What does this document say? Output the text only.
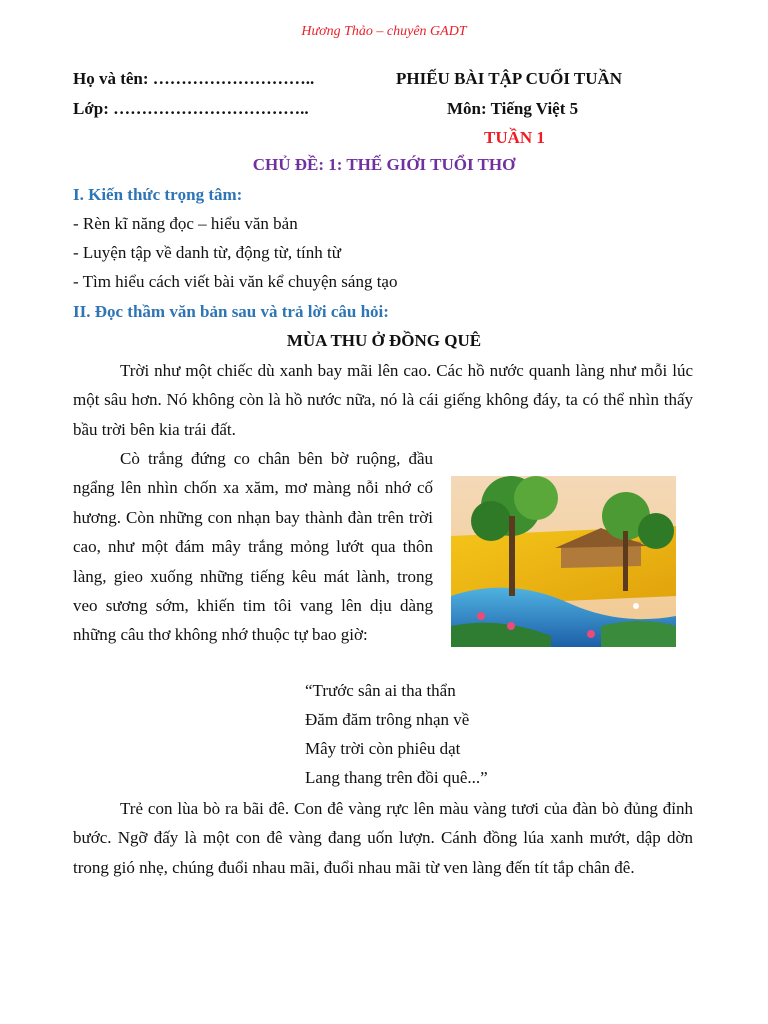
Hương Thảo – chuyên GADT
Họ và tên: ………………………..	PHIẾU BÀI TẬP CUỐI TUẦN
Lớp: ……………………………..	Môn: Tiếng Việt 5
TUẦN 1
CHỦ ĐỀ: 1: THẾ GIỚI TUỔI THƠ
I. Kiến thức trọng tâm:
- Rèn kĩ năng đọc – hiểu văn bản
- Luyện tập về danh từ, động từ, tính từ
- Tìm hiểu cách viết bài văn kể chuyện sáng tạo
II. Đọc thầm văn bản sau và trả lời câu hỏi:
MÙA THU Ở ĐỒNG QUÊ
Trời như một chiếc dù xanh bay mãi lên cao. Các hồ nước quanh làng như mỗi lúc một sâu hơn. Nó không còn là hồ nước nữa, nó là cái giếng không đáy, ta có thể nhìn thấy bầu trời bên kia trái đất.
Cò trắng đứng co chân bên bờ ruộng, đầu ngẩng lên nhìn chốn xa xăm, mơ màng nỗi nhớ cố hương. Còn những con nhạn bay thành đàn trên trời cao, như một đám mây trắng mỏng lướt qua thôn làng, gieo xuống những tiếng kêu mát lành, trong veo sương sớm, khiến tim tôi vang lên dịu dàng những câu thơ không nhớ thuộc tự bao giờ:
“Trước sân ai tha thẩn
Đăm đăm trông nhạn về
Mây trời còn phiêu dạt
Lang thang trên đồi quê...”
Trẻ con lùa bò ra bãi đê. Con đê vàng rực lên màu vàng tươi của đàn bò đủng đỉnh bước. Ngỡ đấy là một con đê vàng đang uốn lượn. Cánh đồng lúa xanh mướt, dập dờn trong gió nhẹ, chúng đuổi nhau mãi, đuổi nhau mãi từ ven làng đến tít tắp chân đê.
